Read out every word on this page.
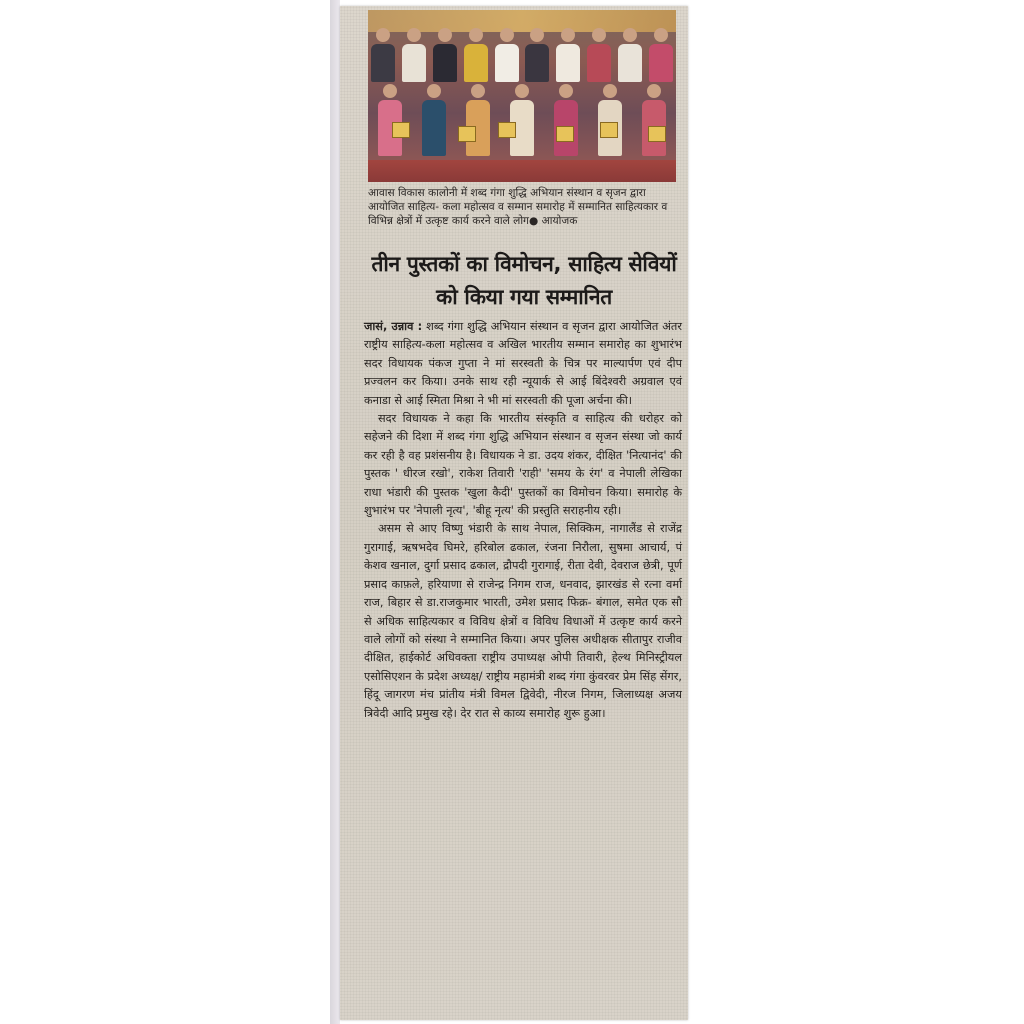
आवास विकास कालोनी में शब्द गंगा शुद्धि अभियान संस्थान व सृजन द्वारा आयोजित साहित्य- कला महोत्सव व सम्मान समारोह में सम्मानित साहित्यकार व विभिन्न क्षेत्रों में उत्कृष्ट कार्य करने वाले लोग● आयोजक
तीन पुस्तकों का विमोचन, साहित्य सेवियों को किया गया सम्मानित

जासं, उन्नाव : शब्द गंगा शुद्धि अभियान संस्थान व सृजन द्वारा आयोजित अंतर राष्ट्रीय साहित्य-कला महोत्सव व अखिल भारतीय सम्मान समारोह का शुभारंभ सदर विधायक पंकज गुप्ता ने मां सरस्वती के चित्र पर माल्यार्पण एवं दीप प्रज्वलन कर किया। उनके साथ रही न्यूयार्क से आई बिंदेश्वरी अग्रवाल एवं कनाडा से आई स्मिता मिश्रा ने भी मां सरस्वती की पूजा अर्चना की।

सदर विधायक ने कहा कि भारतीय संस्कृति व साहित्य की धरोहर को सहेजने की दिशा में शब्द गंगा शुद्धि अभियान संस्थान व सृजन संस्था जो कार्य कर रही है वह प्रशंसनीय है। विधायक ने डा. उदय शंकर, दीक्षित 'नित्यानंद' की पुस्तक ' धीरज रखो', राकेश तिवारी 'राही' 'समय के रंग' व नेपाली लेखिका राधा भंडारी की पुस्तक 'खुला कैदी' पुस्तकों का विमोचन किया। समारोह के शुभारंभ पर 'नेपाली नृत्य', 'बीहू नृत्य' की प्रस्तुति सराहनीय रही।

असम से आए विष्णु भंडारी के साथ नेपाल, सिक्किम, नागालैंड से राजेंद्र गुरागाई, ऋषभदेव घिमरे, हरिबोल ढकाल, रंजना निरौला, सुषमा आचार्य, पं केशव खनाल, दुर्गा प्रसाद ढकाल, द्रौपदी गुरागाई, रीता देवी, देवराज छेत्री, पूर्ण प्रसाद काफ़ले, हरियाणा से राजेन्द्र निगम राज, धनवाद, झारखंड से रत्ना वर्मा राज, बिहार से डा.राजकुमार भारती, उमेश प्रसाद फिक्र- बंगाल, समेत एक सौ से अधिक साहित्यकार व विविध क्षेत्रों व विविध विधाओं में उत्कृष्ट कार्य करने वाले लोगों को संस्था ने सम्मानित किया। अपर पुलिस अधीक्षक सीतापुर राजीव दीक्षित, हाईकोर्ट अधिवक्ता राष्ट्रीय उपाध्यक्ष ओपी तिवारी, हेल्थ मिनिस्ट्रीयल एसोसिएशन के प्रदेश अध्यक्ष/ राष्ट्रीय महामंत्री शब्द गंगा कुंवरवर प्रेम सिंह सेंगर, हिंदू जागरण मंच प्रांतीय मंत्री विमल द्विवेदी, नीरज निगम, जिलाध्यक्ष अजय त्रिवेदी आदि प्रमुख रहे। देर रात से काव्य समारोह शुरू हुआ।
